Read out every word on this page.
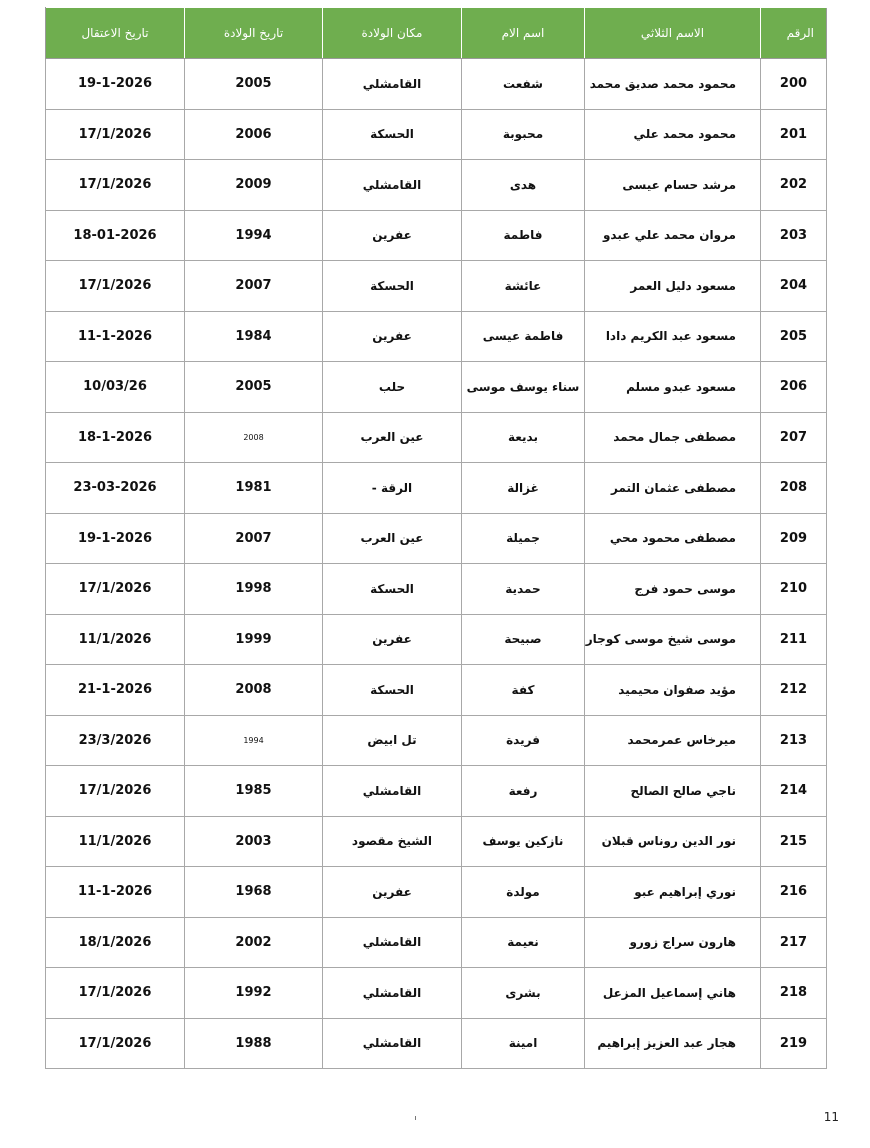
الرقم	الاسم الثلاثي	اسم الام	مكان الولادة	تاريخ الولادة	تاريخ الاعتقال
200	محمود محمد صديق محمد	شفعت	القامشلي	2005	19-1-2026
201	محمود محمد علي	محبوبة	الحسكة	2006	17/1/2026
202	مرشد حسام عيسى	هدى	القامشلي	2009	17/1/2026
203	مروان محمد علي عبدو	فاطمة	عفرين	1994	18-01-2026
204	مسعود دليل العمر	عائشة	الحسكة	2007	17/1/2026
205	مسعود عبد الكريم دادا	فاطمة عيسى	عفرين	1984	11-1-2026
206	مسعود عبدو مسلم	سناء يوسف موسى	حلب	2005	10/03/26
207	مصطفى جمال محمد	بديعة	عين العرب	2008	18-1-2026
208	مصطفى عثمان التمر	غزالة	الرقة -	1981	23-03-2026
209	مصطفى محمود محي	جميلة	عين العرب	2007	19-1-2026
210	موسى حمود فرج	حمدية	الحسكة	1998	17/1/2026
211	موسى شيخ موسى كوجار	صبيحة	عفرين	1999	11/1/2026
212	مؤيد صفوان محيميد	كفة	الحسكة	2008	21-1-2026
213	ميرخاس عمرمحمد	فريدة	تل ابيض	1994	23/3/2026
214	ناجي صالح الصالح	رفعة	القامشلي	1985	17/1/2026
215	نور الدين روناس قبلان	نازكين يوسف	الشيخ مقصود	2003	11/1/2026
216	نوري إبراهيم عبو	مولدة	عفرين	1968	11-1-2026
217	هارون سراج زورو	نعيمة	القامشلي	2002	18/1/2026
218	هاني إسماعيل المزعل	بشرى	القامشلي	1992	17/1/2026
219	هجار عبد العزيز إبراهيم	امينة	القامشلي	1988	17/1/2026
11
